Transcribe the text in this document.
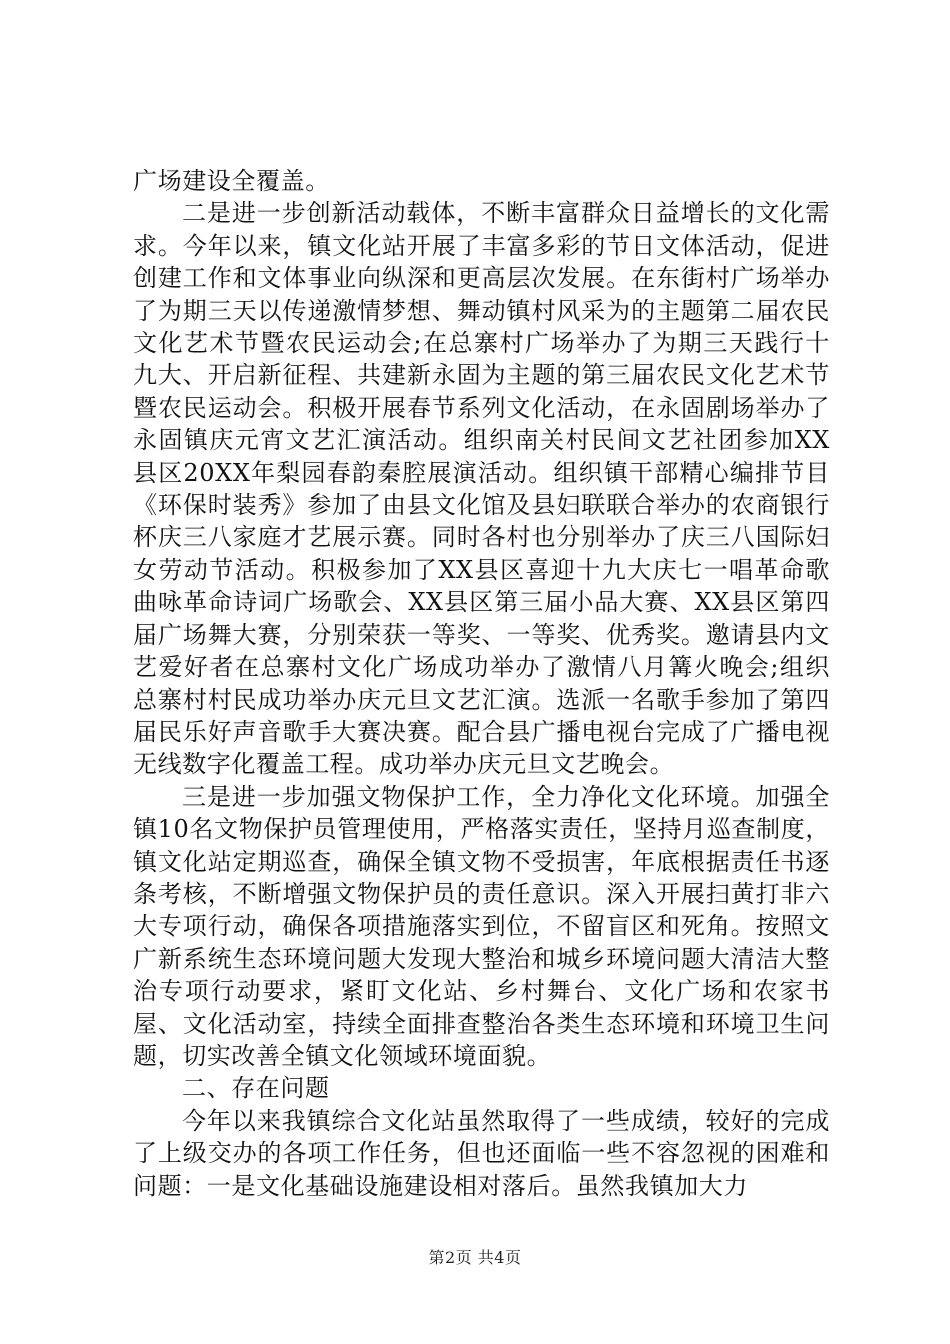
广场建设全覆盖。

二是进一步创新活动载体，不断丰富群众日益增长的文化需求。今年以来，镇文化站开展了丰富多彩的节日文体活动，促进创建工作和文体事业向纵深和更高层次发展。在东街村广场举办了为期三天以传递激情梦想、舞动镇村风采为的主题第二届农民文化艺术节暨农民运动会;在总寨村广场举办了为期三天践行十九大、开启新征程、共建新永固为主题的第三届农民文化艺术节暨农民运动会。积极开展春节系列文化活动，在永固剧场举办了永固镇庆元宵文艺汇演活动。组织南关村民间文艺社团参加XX县区20XX年梨园春韵秦腔展演活动。组织镇干部精心编排节目《环保时装秀》参加了由县文化馆及县妇联联合举办的农商银行杯庆三八家庭才艺展示赛。同时各村也分别举办了庆三八国际妇女劳动节活动。积极参加了XX县区喜迎十九大庆七一唱革命歌曲咏革命诗词广场歌会、XX县区第三届小品大赛、XX县区第四届广场舞大赛，分别荣获一等奖、一等奖、优秀奖。邀请县内文艺爱好者在总寨村文化广场成功举办了激情八月篝火晚会;组织总寨村村民成功举办庆元旦文艺汇演。选派一名歌手参加了第四届民乐好声音歌手大赛决赛。配合县广播电视台完成了广播电视无线数字化覆盖工程。成功举办庆元旦文艺晚会。

三是进一步加强文物保护工作，全力净化文化环境。加强全镇10名文物保护员管理使用，严格落实责任，坚持月巡查制度，镇文化站定期巡查，确保全镇文物不受损害，年底根据责任书逐条考核，不断增强文物保护员的责任意识。深入开展扫黄打非六大专项行动，确保各项措施落实到位，不留盲区和死角。按照文广新系统生态环境问题大发现大整治和城乡环境问题大清洁大整治专项行动要求，紧盯文化站、乡村舞台、文化广场和农家书屋、文化活动室，持续全面排查整治各类生态环境和环境卫生问题，切实改善全镇文化领域环境面貌。

二、存在问题

今年以来我镇综合文化站虽然取得了一些成绩，较好的完成了上级交办的各项工作任务，但也还面临一些不容忽视的困难和问题：一是文化基础设施建设相对落后。虽然我镇加大力

第2页 共4页
